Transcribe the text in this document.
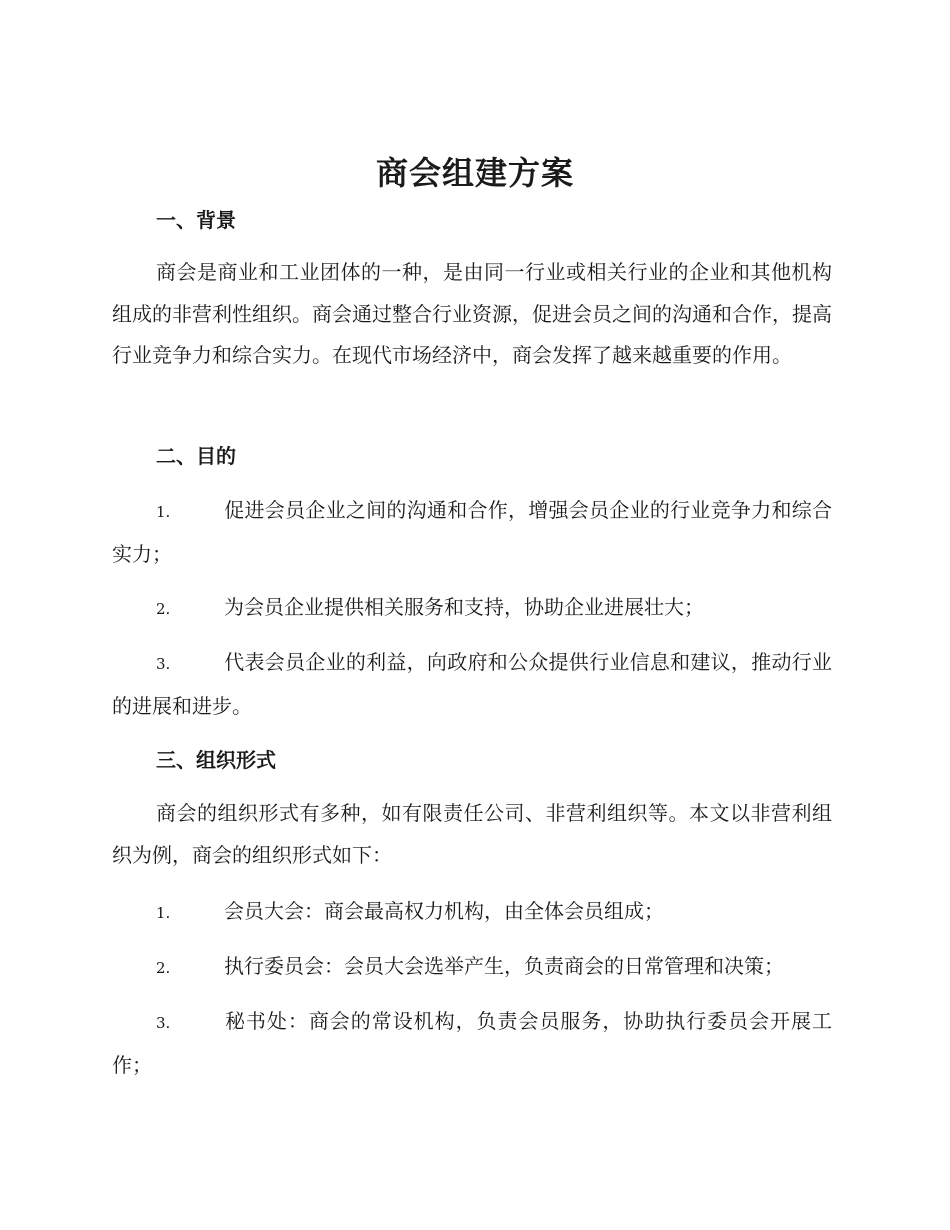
商会组建方案
一、背景

商会是商业和工业团体的一种，是由同一行业或相关行业的企业和其他机构组成的非营利性组织。商会通过整合行业资源，促进会员之间的沟通和合作，提高行业竞争力和综合实力。在现代市场经济中，商会发挥了越来越重要的作用。

二、目的

1.	促进会员企业之间的沟通和合作，增强会员企业的行业竞争力和综合实力；

2.	为会员企业提供相关服务和支持，协助企业进展壮大；

3.	代表会员企业的利益，向政府和公众提供行业信息和建议，推动行业的进展和进步。

三、组织形式

商会的组织形式有多种，如有限责任公司、非营利组织等。本文以非营利组织为例，商会的组织形式如下：

1.	会员大会：商会最高权力机构，由全体会员组成；

2.	执行委员会：会员大会选举产生，负责商会的日常管理和决策；

3.	秘书处：商会的常设机构，负责会员服务，协助执行委员会开展工作；
